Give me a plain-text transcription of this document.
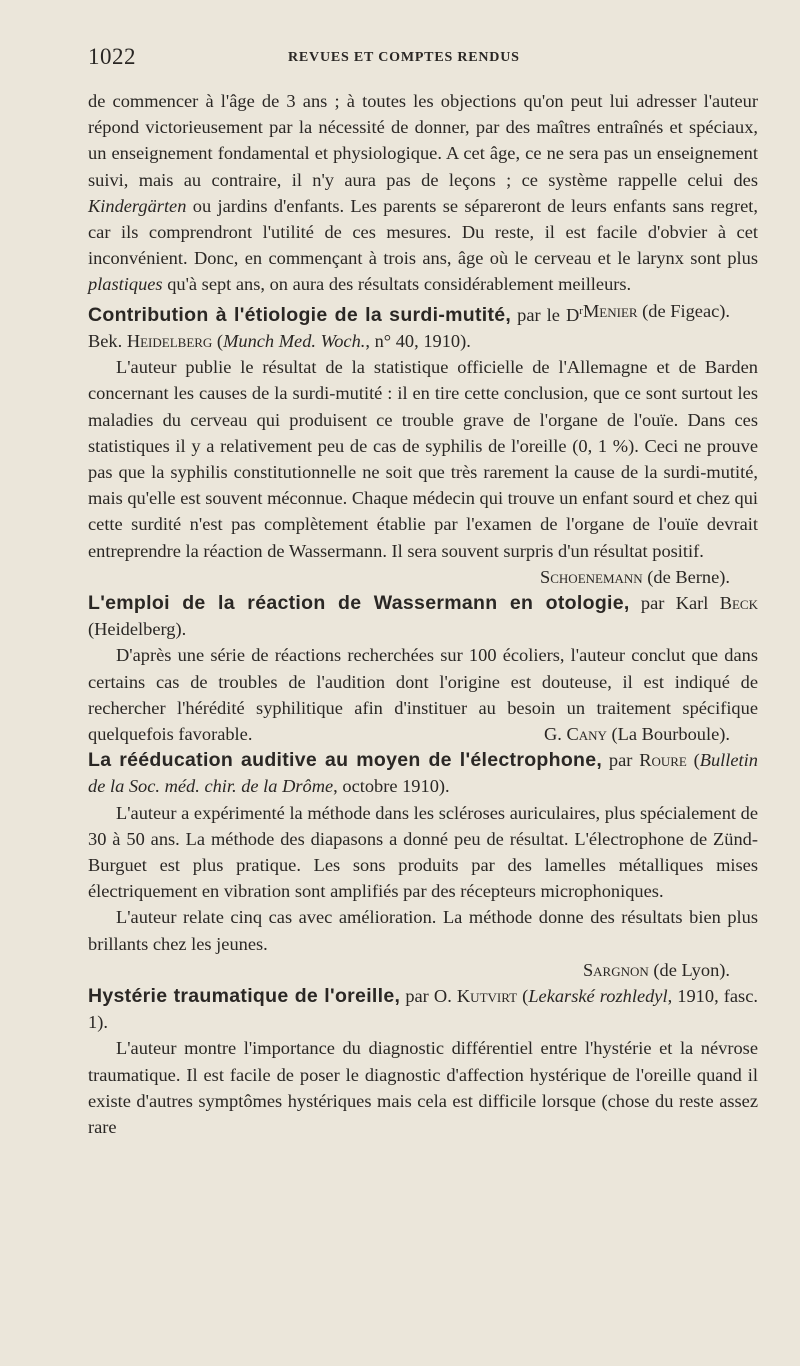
1022	REVUES ET COMPTES RENDUS

de commencer à l'âge de 3 ans ; à toutes les objections qu'on peut lui adresser l'auteur répond victorieusement par la nécessité de donner, par des maîtres entraînés et spéciaux, un enseignement fondamental et physiologique. A cet âge, ce ne sera pas un enseignement suivi, mais au contraire, il n'y aura pas de leçons ; ce système rappelle celui des Kindergärten ou jardins d'enfants. Les parents se sépareront de leurs enfants sans regret, car ils comprendront l'utilité de ces mesures. Du reste, il est facile d'obvier à cet inconvénient. Donc, en commençant à trois ans, âge où le cerveau et le larynx sont plus plastiques qu'à sept ans, on aura des résultats considérablement meilleurs.
Menier (de Figeac).

Contribution à l'étiologie de la surdi-mutité, par le $D^r$ Bek. Heidelberg (Munch Med. Woch., n° 40, 1910).

L'auteur publie le résultat de la statistique officielle de l'Allemagne et de Barden concernant les causes de la surdi-mutité : il en tire cette conclusion, que ce sont surtout les maladies du cerveau qui produisent ce trouble grave de l'organe de l'ouïe. Dans ces statistiques il y a relativement peu de cas de syphilis de l'oreille (0, 1 %). Ceci ne prouve pas que la syphilis constitutionnelle ne soit que très rarement la cause de la surdi-mutité, mais qu'elle est souvent méconnue. Chaque médecin qui trouve un enfant sourd et chez qui cette surdité n'est pas complètement établie par l'examen de l'organe de l'ouïe devrait entreprendre la réaction de Wassermann. Il sera souvent surpris d'un résultat positif.

Schoenemann (de Berne).

L'emploi de la réaction de Wassermann en otologie, par Karl Beck (Heidelberg).

D'après une série de réactions recherchées sur 100 écoliers, l'auteur conclut que dans certains cas de troubles de l'audition dont l'origine est douteuse, il est indiqué de rechercher l'hérédité syphilitique afin d'instituer au besoin un traitement spécifique quelquefois favorable.	G. Cany (La Bourboule).

La rééducation auditive au moyen de l'électrophone, par Roure (Bulletin de la Soc. méd. chir. de la Drôme, octobre 1910).

L'auteur a expérimenté la méthode dans les scléroses auriculaires, plus spécialement de 30 à 50 ans. La méthode des diapasons a donné peu de résultat. L'électrophone de Zünd-Burguet est plus pratique. Les sons produits par des lamelles métalliques mises électriquement en vibration sont amplifiés par des récepteurs microphoniques.

L'auteur relate cinq cas avec amélioration. La méthode donne des résultats bien plus brillants chez les jeunes.

Sargnon (de Lyon).

Hystérie traumatique de l'oreille, par O. Kutvirt (Lekarské rozhledyl, 1910, fasc. 1).

L'auteur montre l'importance du diagnostic différentiel entre l'hystérie et la névrose traumatique. Il est facile de poser le diagnostic d'affection hystérique de l'oreille quand il existe d'autres symptômes hystériques mais cela est difficile lorsque (chose du reste assez rare
